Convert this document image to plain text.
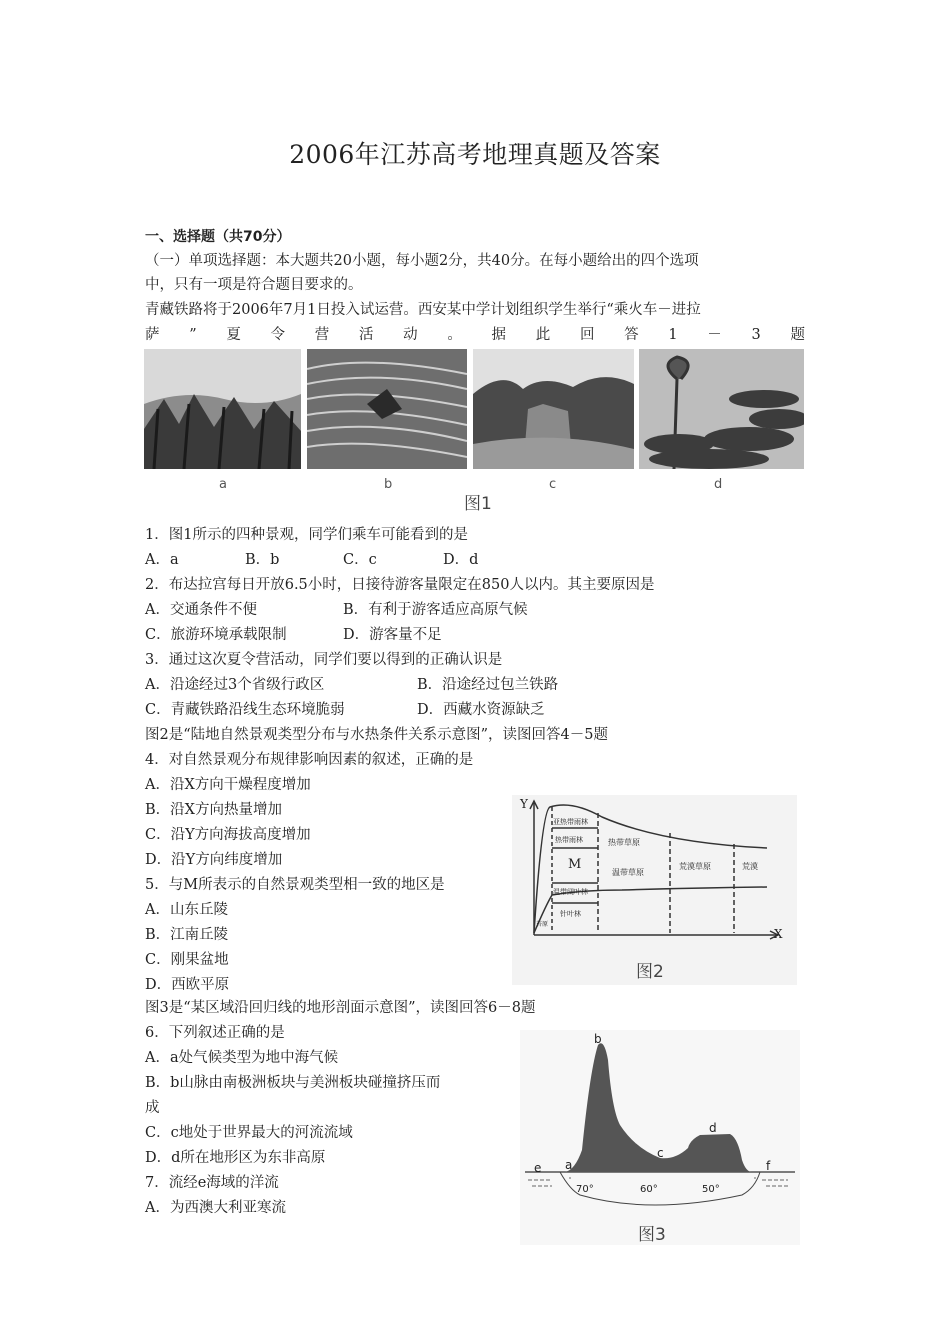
2006年江苏高考地理真题及答案
一、选择题（共70分）
（一）单项选择题：本大题共20小题，每小题2分，共40分。在每小题给出的四个选项
中，只有一项是符合题目要求的。
青藏铁路将于2006年7月1日投入试运营。西安某中学计划组织学生举行“乘火车－进拉
萨 ” 夏 令 营 活 动 。 据 此 回 答 1 － 3 题
a	b	c	d
图1
1．图1所示的四种景观，同学们乘车可能看到的是
A．a	B．b	C．c	D．d
2．布达拉宫每日开放6.5小时，日接待游客量限定在850人以内。其主要原因是
A．交通条件不便	B．有利于游客适应高原气候
C．旅游环境承载限制	D．游客量不足
3．通过这次夏令营活动，同学们要以得到的正确认识是
A．沿途经过3个省级行政区	B．沿途经过包兰铁路
C．青藏铁路沿线生态环境脆弱	D．西藏水资源缺乏
图2是“陆地自然景观类型分布与水热条件关系示意图”，读图回答4－5题
4．对自然景观分布规律影响因素的叙述，正确的是
A．沿X方向干燥程度增加
B．沿X方向热量增加
C．沿Y方向海拔高度增加
D．沿Y方向纬度增加
5．与M所表示的自然景观类型相一致的地区是
A．山东丘陵
B．江南丘陵
C．刚果盆地
D．西欧平原
Y
X
亚热带雨林
热带雨林
M
温带阔叶林
针叶林
苔原
热带草原
温带草原
荒漠草原	荒漠
图2
图3是“某区域沿回归线的地形剖面示意图”，读图回答6－8题
6．下列叙述正确的是
A．a处气候类型为地中海气候
B．b山脉由南极洲板块与美洲板块碰撞挤压而
成
C．c地处于世界最大的河流流域
D．d所在地形区为东非高原
7．流经e海域的洋流
A．为西澳大利亚寒流
b
a
c
d
e	f
70°	60°	50°
图3
